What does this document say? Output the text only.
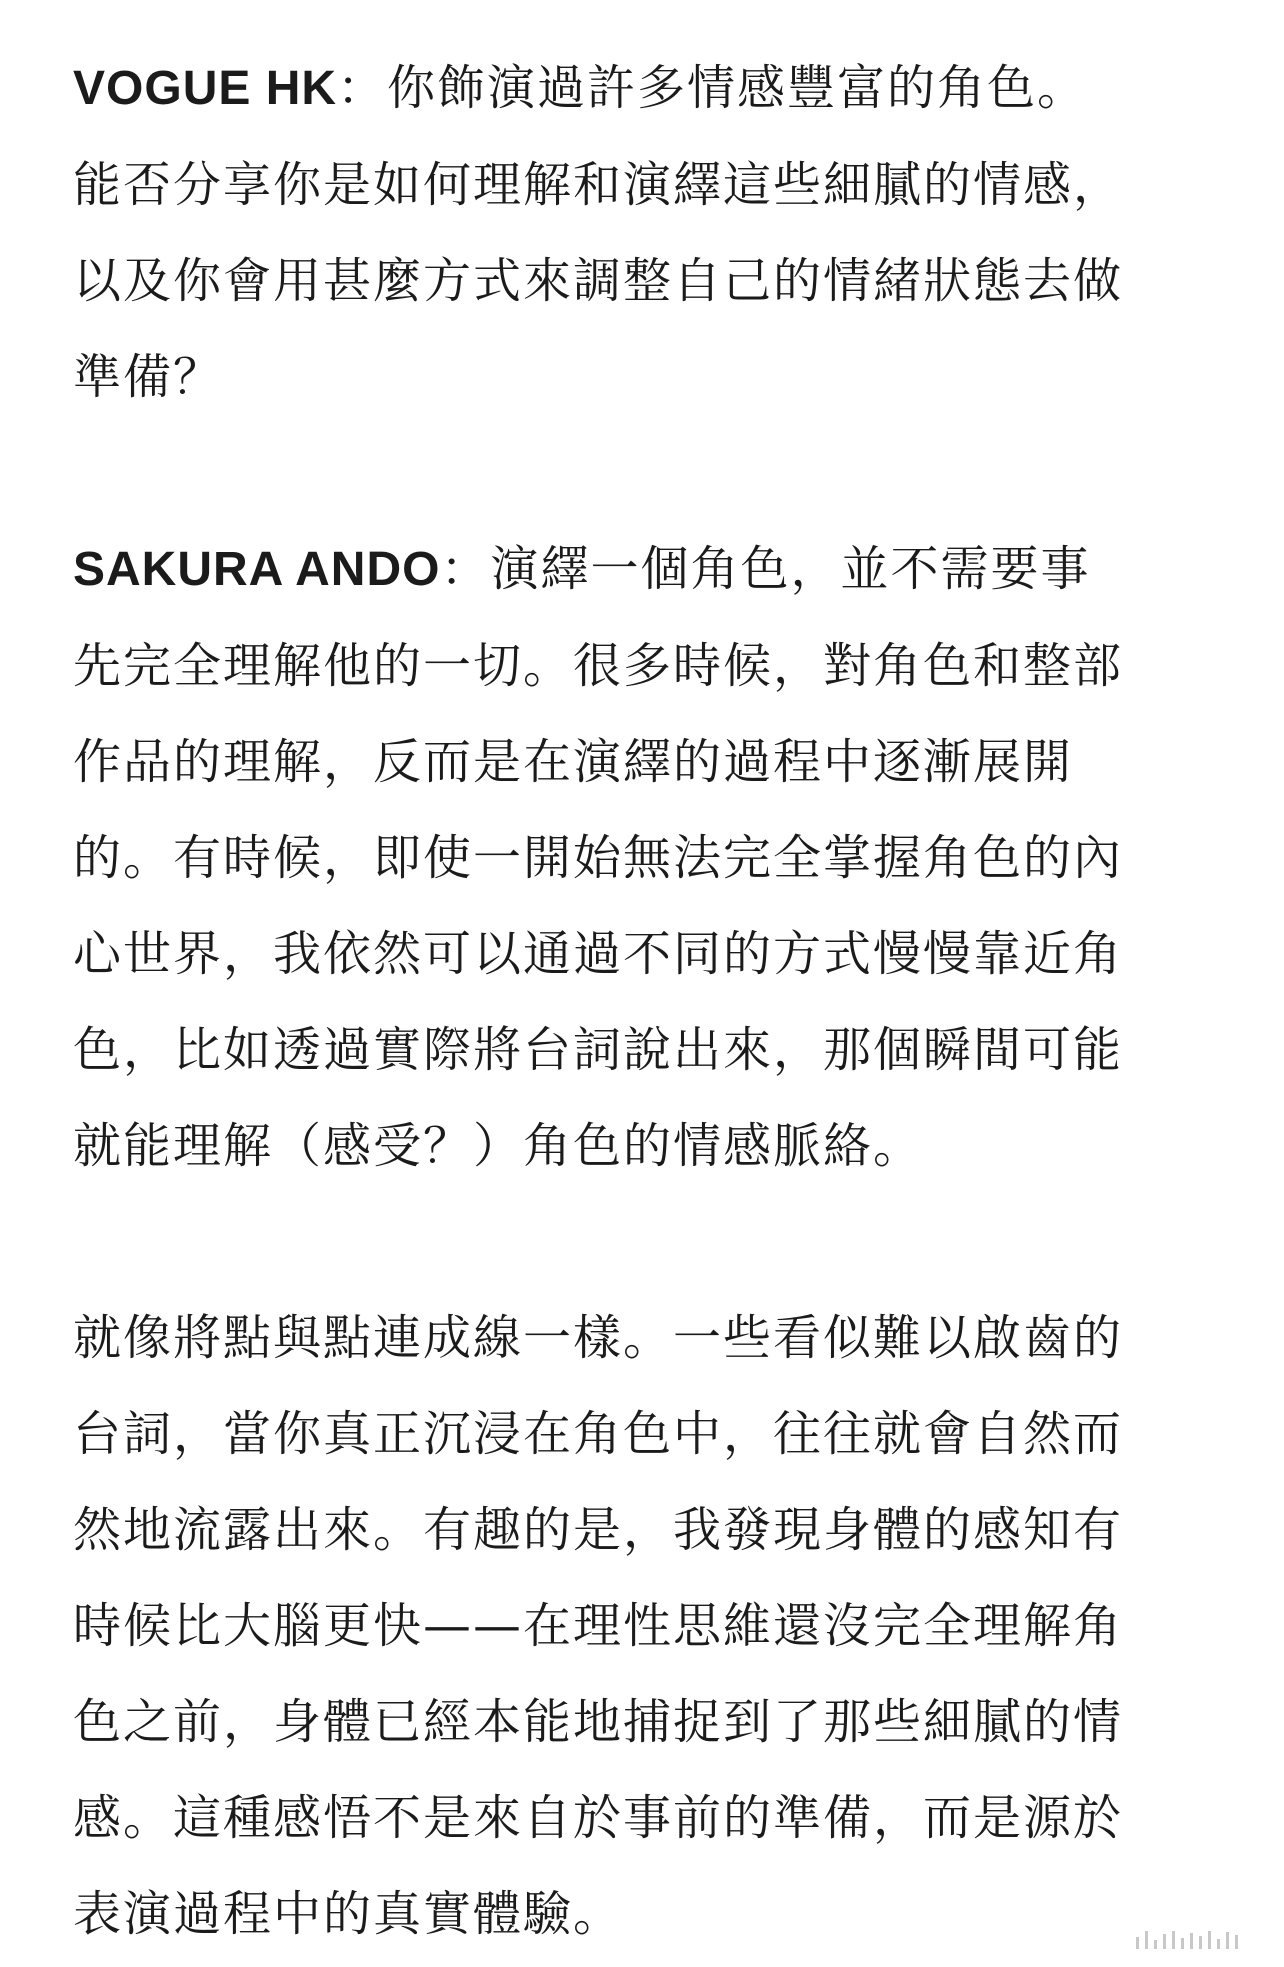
VOGUE HK：你飾演過許多情感豐富的角色。
能否分享你是如何理解和演繹這些細膩的情感，
以及你會用甚麼方式來調整自己的情緒狀態去做
準備？

SAKURA ANDO：演繹一個角色，並不需要事
先完全理解他的一切。很多時候，對角色和整部
作品的理解，反而是在演繹的過程中逐漸展開
的。有時候，即使一開始無法完全掌握角色的內
心世界，我依然可以通過不同的方式慢慢靠近角
色，比如透過實際將台詞說出來，那個瞬間可能
就能理解（感受？）角色的情感脈絡。

就像將點與點連成線一樣。一些看似難以啟齒的
台詞，當你真正沉浸在角色中，往往就會自然而
然地流露出來。有趣的是，我發現身體的感知有
時候比大腦更快——在理性思維還沒完全理解角
色之前，身體已經本能地捕捉到了那些細膩的情
感。這種感悟不是來自於事前的準備，而是源於
表演過程中的真實體驗。
